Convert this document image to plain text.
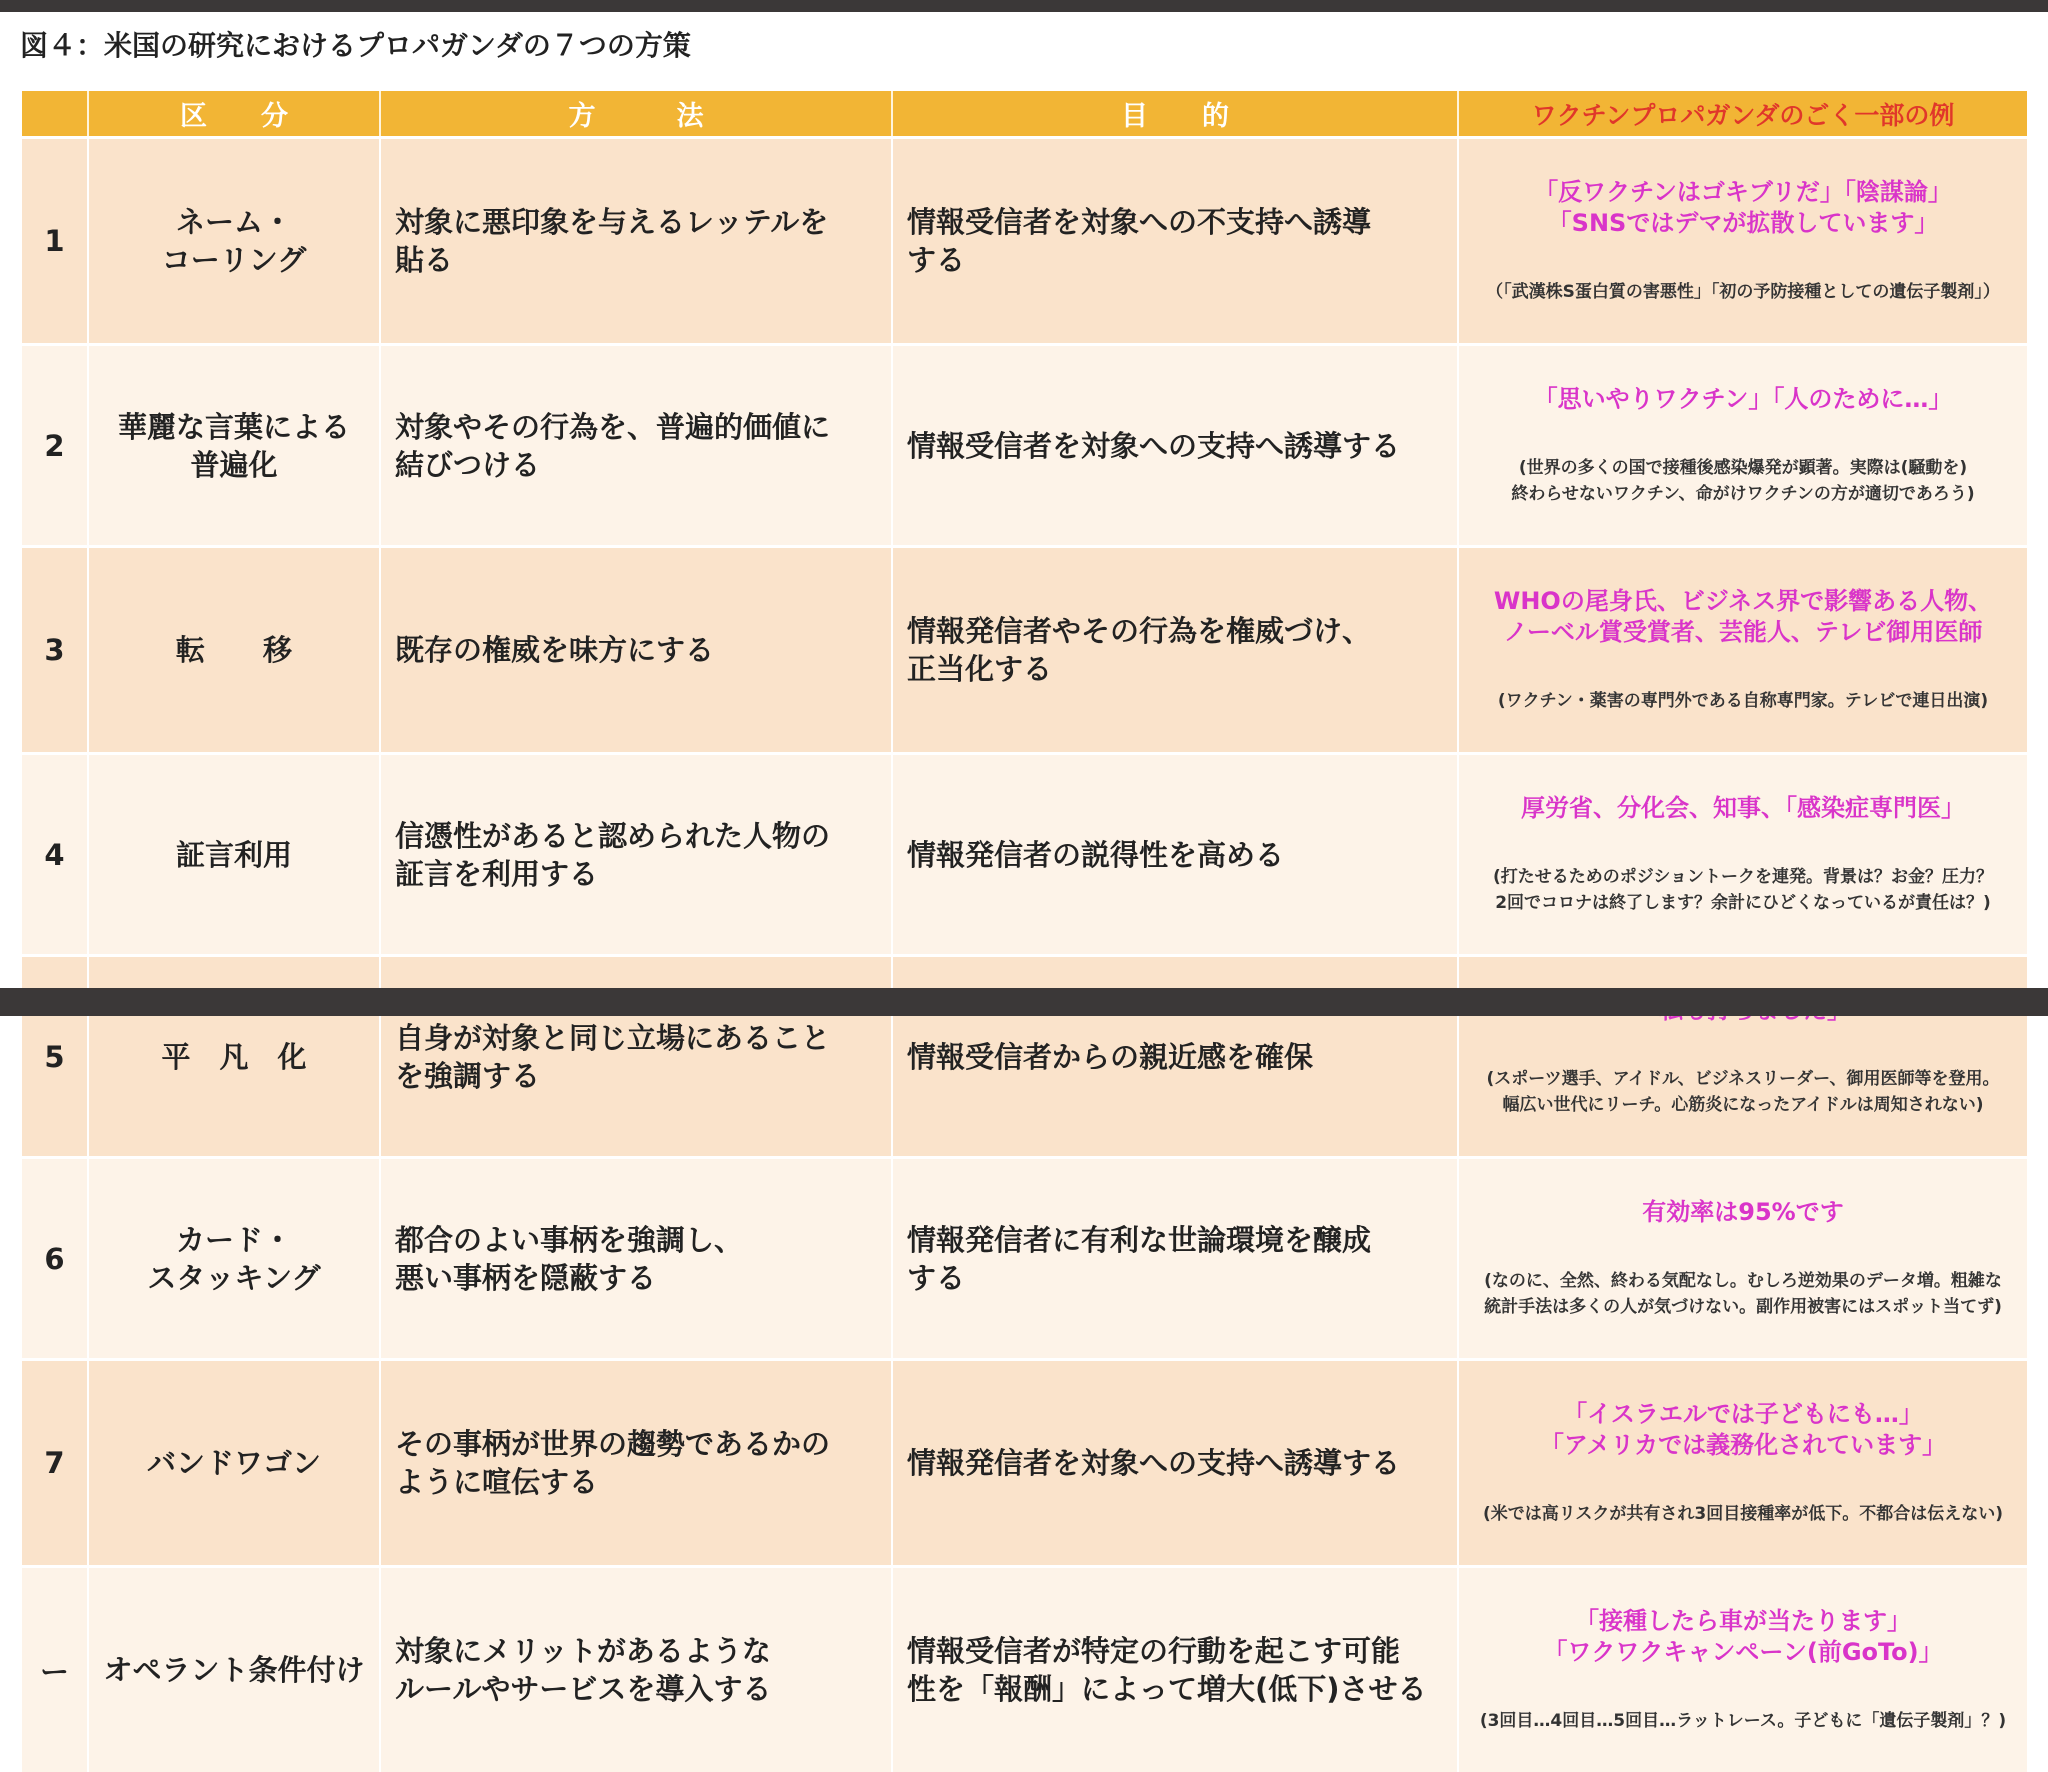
図４：米国の研究におけるプロパガンダの７つの方策
	区　　分	方　　　法	目　　的	ワクチンプロパガンダのごく一部の例
1	ネーム・
コーリング	対象に悪印象を与えるレッテルを
貼る	情報受信者を対象への不支持へ誘導
する	「反ワクチンはゴキブリだ」「陰謀論」
「SNSではデマが拡散しています」

（「武漢株S蛋白質の害悪性」「初の予防接種としての遺伝子製剤」）

2	華麗な言葉による
普遍化	対象やその行為を、普遍的価値に
結びつける	情報受信者を対象への支持へ誘導する	「思いやりワクチン」「人のために…」

(世界の多くの国で接種後感染爆発が顕著。実際は(騒動を)
終わらせないワクチン、命がけワクチンの方が適切であろう)

3	転　　移	既存の権威を味方にする	情報発信者やその行為を権威づけ、
正当化する	WHOの尾身氏、ビジネス界で影響ある人物、
ノーベル賞受賞者、芸能人、テレビ御用医師

(ワクチン・薬害の専門外である自称専門家。テレビで連日出演)

4	証言利用	信憑性があると認められた人物の
証言を利用する	情報発信者の説得性を高める	厚労省、分化会、知事、「感染症専門医」

(打たせるためのポジショントークを連発。背景は？お金？圧力？
2回でコロナは終了します？余計にひどくなっているが責任は？)

5	平　凡　化	自身が対象と同じ立場にあること
を強調する	情報受信者からの親近感を確保	(スポーツ選手、アイドル、ビジネスリーダー、御用医師等を登用。
幅広い世代にリーチ。心筋炎になったアイドルは周知されない)

6	カード・
スタッキング	都合のよい事柄を強調し、
悪い事柄を隠蔽する	情報発信者に有利な世論環境を醸成
する	有効率は95%です

(なのに、全然、終わる気配なし。むしろ逆効果のデータ増。粗雑な
統計手法は多くの人が気づけない。副作用被害にはスポット当てず)

7	バンドワゴン	その事柄が世界の趨勢であるかの
ように喧伝する	情報発信者を対象への支持へ誘導する	「イスラエルでは子どもにも…」
「アメリカでは義務化されています」

(米では高リスクが共有され3回目接種率が低下。不都合は伝えない)

ー	オペラント条件付け	対象にメリットがあるような
ルールやサービスを導入する	情報受信者が特定の行動を起こす可能
性を「報酬」によって増大(低下)させる	「接種したら車が当たります」
「ワクワクキャンペーン(前GoTo)」

(3回目…4回目…5回目…ラットレース。子どもに「遺伝子製剤」？)
